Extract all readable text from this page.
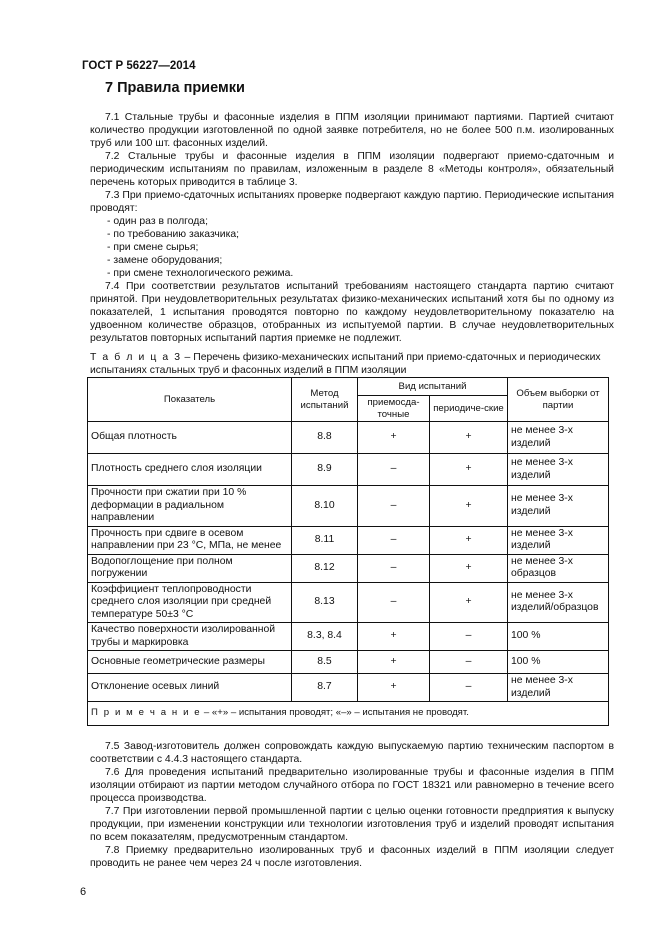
ГОСТ Р 56227—2014
7 Правила приемки

7.1 Стальные трубы и фасонные изделия в ППМ изоляции принимают партиями. Партией считают количество продукции изготовленной по одной заявке потребителя, но не более 500 п.м. изолированных труб или 100 шт. фасонных изделий.

7.2 Стальные трубы и фасонные изделия в ППМ изоляции подвергают приемо-сдаточным и периодическим испытаниям по правилам, изложенным в разделе 8 «Методы контроля», обязательный перечень которых приводится в таблице 3.

7.3 При приемо-сдаточных испытаниях проверке подвергают каждую партию. Периодические испытания проводят:

- один раз в полгода;
- по требованию заказчика;
- при смене сырья;
- замене оборудования;
- при смене технологического режима.

7.4 При соответствии результатов испытаний требованиям настоящего стандарта партию считают принятой. При неудовлетворительных результатах физико-механических испытаний хотя бы по одному из показателей, 1 испытания проводятся повторно по каждому неудовлетворительному показателю на удвоенном количестве образцов, отобранных из испытуемой партии. В случае неудовлетворительных результатов повторных испытаний партия приемке не подлежит.

Т а б л и ц а 3 – Перечень физико-механических испытаний при приемо-сдаточных и периодических испытаниях стальных труб и фасонных изделий в ППМ изоляции
Показатель	Метод испытаний	Вид испытаний		Объем выборки от партии
		приемосда-точные	периодиче-ские	
Общая плотность	8.8	+	+	не менее 3-х изделий
Плотность среднего слоя изоляции	8.9	–	+	не менее 3-х изделий
Прочности при сжатии при 10 % деформации в радиальном направлении	8.10	–	+	не менее 3-х изделий
Прочность при сдвиге в осевом направлении при 23 °С, МПа, не менее	8.11	–	+	не менее 3-х изделий
Водопоглощение при полном погружении	8.12	–	+	не менее 3-х образцов
Коэффициент теплопроводности среднего слоя изоляции при средней температуре 50±3 °С	8.13	–	+	не менее 3-х изделий/образцов
Качество поверхности изолированной трубы и маркировка	8.3, 8.4	+	–	100 %
Основные геометрические размеры	8.5	+	–	100 %
Отклонение осевых линий	8.7	+	–	не менее 3-х изделий
П р и м е ч а н и е – «+» – испытания проводят; «–» – испытания не проводят.				

7.5 Завод-изготовитель должен сопровождать каждую выпускаемую партию техническим паспортом в соответствии с 4.4.3 настоящего стандарта.

7.6 Для проведения испытаний предварительно изолированные трубы и фасонные изделия в ППМ изоляции отбирают из партии методом случайного отбора по ГОСТ 18321 или равномерно в течение всего процесса производства.

7.7 При изготовлении первой промышленной партии с целью оценки готовности предприятия к выпуску продукции, при изменении конструкции или технологии изготовления труб и изделий проводят испытания по всем показателям, предусмотренным стандартом.

7.8 Приемку предварительно изолированных труб и фасонных изделий в ППМ изоляции следует проводить не ранее чем через 24 ч после изготовления.

6
